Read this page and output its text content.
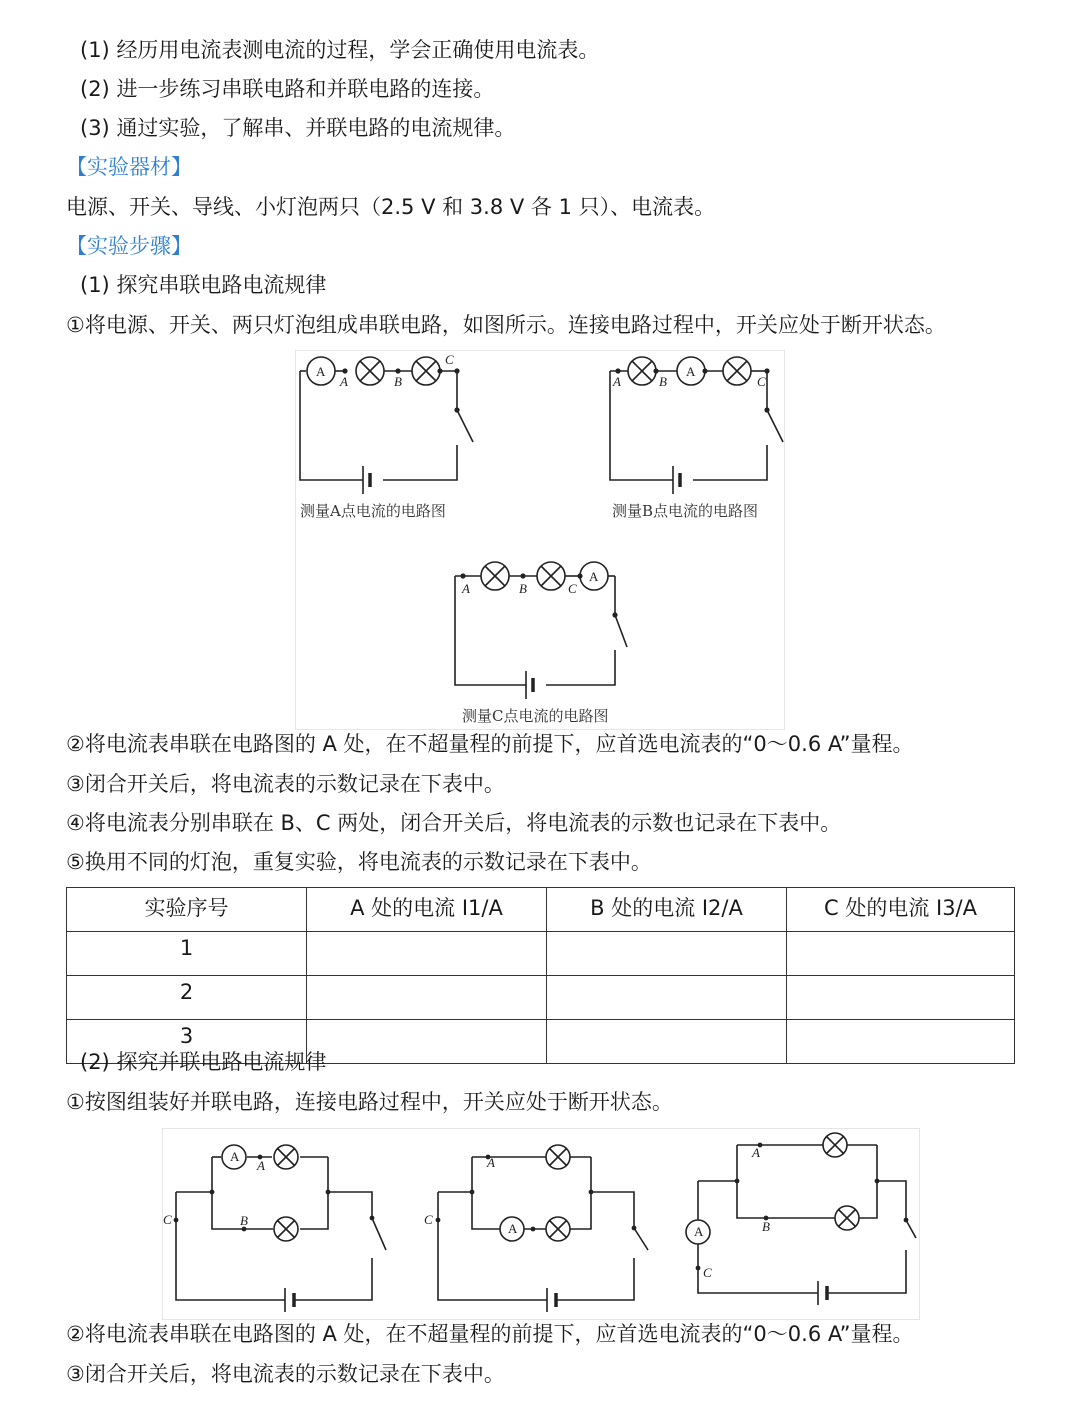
(1) 经历用电流表测电流的过程，学会正确使用电流表。
(2) 进一步练习串联电路和并联电路的连接。
(3) 通过实验，了解串、并联电路的电流规律。
【实验器材】
电源、开关、导线、小灯泡两只（2.5 V 和 3.8 V 各 1 只）、电流表。
【实验步骤】
(1) 探究串联电路电流规律
①将电源、开关、两只灯泡组成串联电路，如图所示。连接电路过程中，开关应处于断开状态。
A	A
A
A	B
C
A	B	C
A	B	C
测量A点电流的电路图	测量B点电流的电路图
测量C点电流的电路图
②将电流表串联在电路图的 A 处，在不超量程的前提下，应首选电流表的“0～0.6 A”量程。
③闭合开关后，将电流表的示数记录在下表中。
④将电流表分别串联在 B、C 两处，闭合开关后，将电流表的示数也记录在下表中。
⑤换用不同的灯泡，重复实验，将电流表的示数记录在下表中。
实验序号	A 处的电流 I1/A	B 处的电流 I2/A	C 处的电流 I3/A
1			
2			
3			
(2) 探究并联电路电流规律
①按图组装好并联电路，连接电路过程中，开关应处于断开状态。
A
A	A
A
B
C
A
C
A
B
C
②将电流表串联在电路图的 A 处，在不超量程的前提下，应首选电流表的“0～0.6 A”量程。
③闭合开关后，将电流表的示数记录在下表中。
